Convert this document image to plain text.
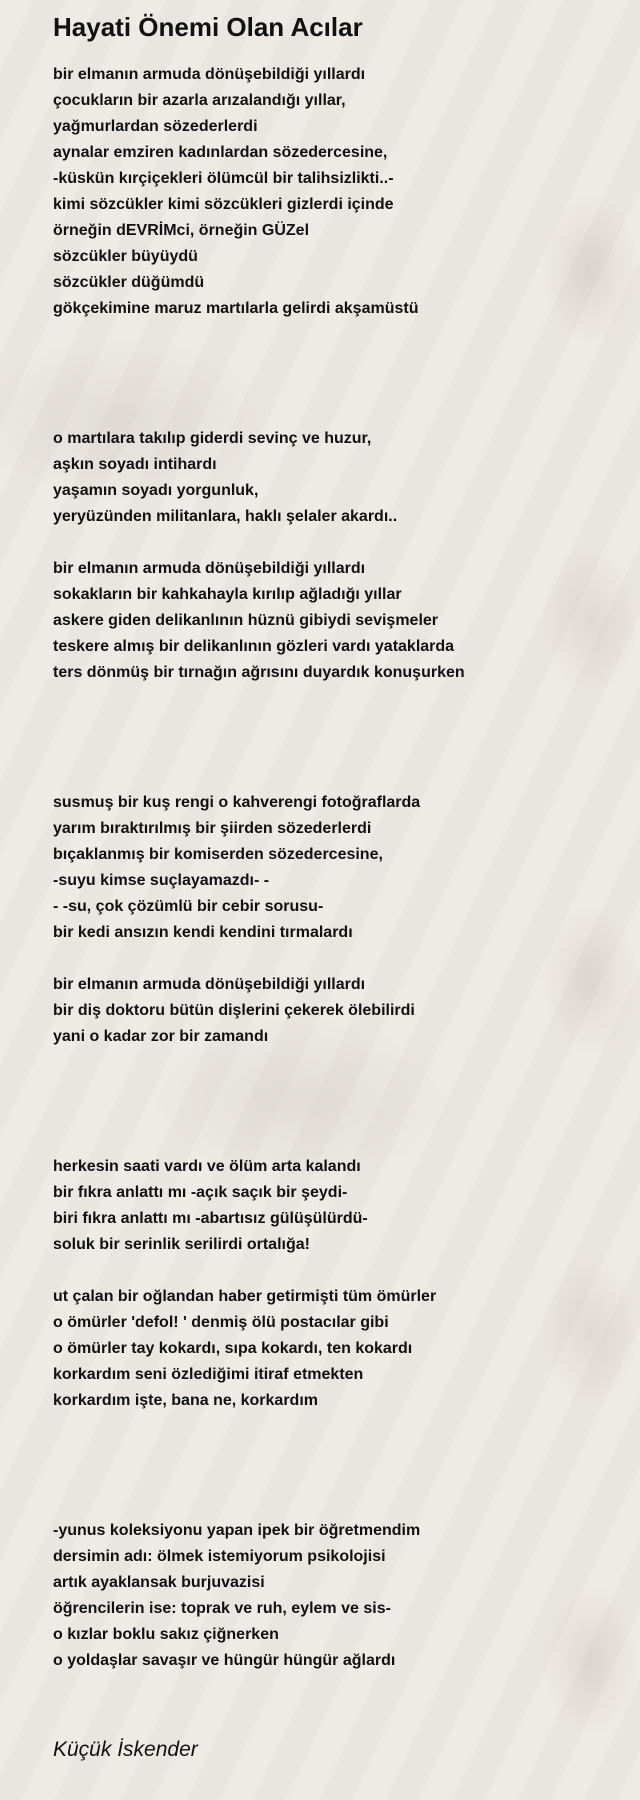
Hayati Önemi Olan Acılar
bir elmanın armuda dönüşebildiği yıllardı
çocukların bir azarla arızalandığı yıllar,
yağmurlardan sözederlerdi
aynalar emziren kadınlardan sözedercesine,
-küskün kırçiçekleri ölümcül bir talihsizlikti..-
kimi sözcükler kimi sözcükleri gizlerdi içinde
örneğin dEVRİMci, örneğin GÜZel
sözcükler büyüydü
sözcükler düğümdü
gökçekimine maruz martılarla gelirdi akşamüstü
o martılara takılıp giderdi sevinç ve huzur,
aşkın soyadı intihardı
yaşamın soyadı yorgunluk,
yeryüzünden militanlara, haklı şelaler akardı..
bir elmanın armuda dönüşebildiği yıllardı
sokakların bir kahkahayla kırılıp ağladığı yıllar
askere giden delikanlının hüznü gibiydi sevişmeler
teskere almış bir delikanlının gözleri vardı yataklarda
ters dönmüş bir tırnağın ağrısını duyardık konuşurken
susmuş bir kuş rengi o kahverengi fotoğraflarda
yarım bıraktırılmış bir şiirden sözederlerdi
bıçaklanmış bir komiserden sözedercesine,
-suyu kimse suçlayamazdı- -
- -su, çok çözümlü bir cebir sorusu-
bir kedi ansızın kendi kendini tırmalardı
bir elmanın armuda dönüşebildiği yıllardı
bir diş doktoru bütün dişlerini çekerek ölebilirdi
yani o kadar zor bir zamandı
herkesin saati vardı ve ölüm arta kalandı
bir fıkra anlattı mı -açık saçık bir şeydi-
biri fıkra anlattı mı -abartısız gülüşülürdü-
soluk bir serinlik serilirdi ortalığa!
ut çalan bir oğlandan haber getirmişti tüm ömürler
o ömürler 'defol! ' denmiş ölü postacılar gibi
o ömürler tay kokardı, sıpa kokardı, ten kokardı
korkardım seni özlediğimi itiraf etmekten
korkardım işte, bana ne, korkardım
-yunus koleksiyonu yapan ipek bir öğretmendim
dersimin adı: ölmek istemiyorum psikolojisi
artık ayaklansak burjuvazisi
öğrencilerin ise: toprak ve ruh, eylem ve sis-
o kızlar boklu sakız çiğnerken
o yoldaşlar savaşır ve hüngür hüngür ağlardı
Küçük İskender
